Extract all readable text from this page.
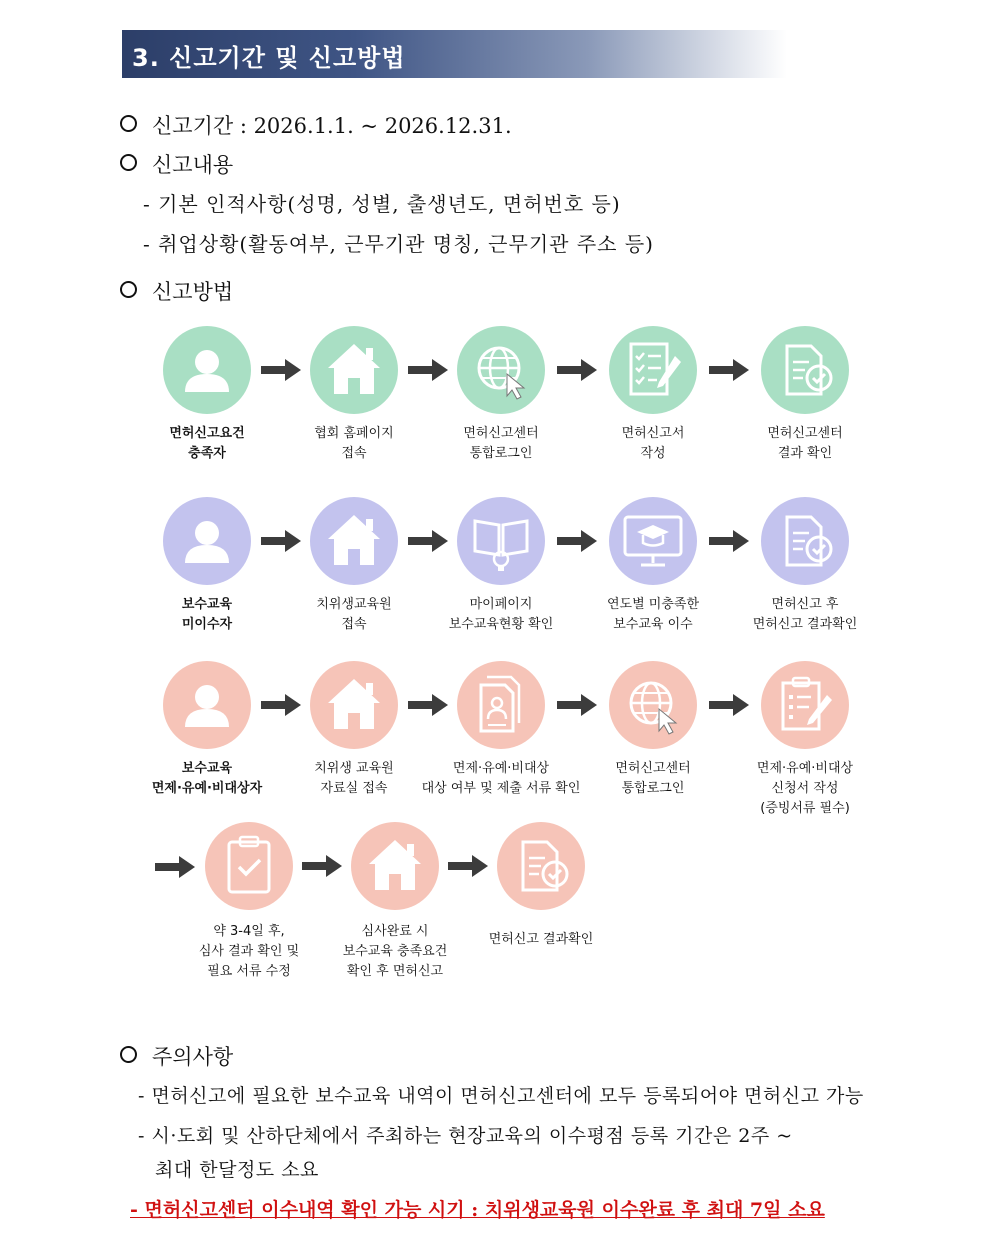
3. 신고기간 및 신고방법
신고기간 : 2026.1.1. ~ 2026.12.31.
신고내용
- 기본 인적사항(성명, 성별, 출생년도, 면허번호 등)
- 취업상황(활동여부, 근무기관 명칭, 근무기관 주소 등)
신고방법
면허신고요건
충족자
협회 홈페이지
접속
면허신고센터
통합로그인
면허신고서
작성
면허신고센터
결과 확인
보수교육
미이수자
치위생교육원
접속
마이페이지
보수교육현황 확인
연도별 미충족한
보수교육 이수
면허신고 후
면허신고 결과확인
보수교육
면제·유예·비대상자
치위생 교육원
자료실 접속
면제·유예·비대상
대상 여부 및 제출 서류 확인
면허신고센터
통합로그인
면제·유예·비대상
신청서 작성
(증빙서류 필수)
약 3-4일 후,
심사 결과 확인 및
필요 서류 수정
심사완료 시
보수교육 충족요건
확인 후 면허신고
면허신고 결과확인
주의사항
- 면허신고에 필요한 보수교육 내역이 면허신고센터에 모두 등록되어야 면허신고 가능
- 시·도회 및 산하단체에서 주최하는 현장교육의 이수평점 등록 기간은 2주 ~
최대 한달정도 소요
- 면허신고센터 이수내역 확인 가능 시기 : 치위생교육원 이수완료 후 최대 7일 소요
